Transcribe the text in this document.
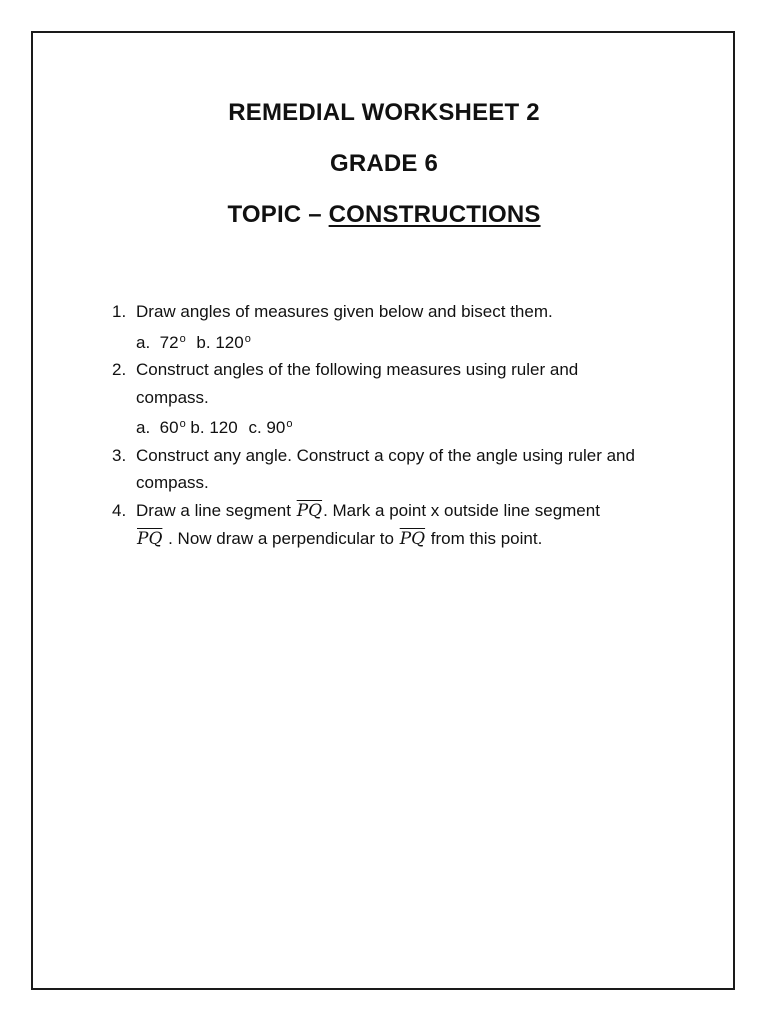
REMEDIAL WORKSHEET 2
GRADE 6
TOPIC – CONSTRUCTIONS
1. Draw angles of measures given below and bisect them.
a. 72$^o$ b. 120$^o$
2. Construct angles of the following measures using ruler and
compass.
a. 60$^o$ b. 120 c. 90$^o$
3. Construct any angle. Construct a copy of the angle using ruler and
compass.
4. Draw a line segment $\overline{PQ}$. Mark a point x outside line segment
$\overline{PQ}$ . Now draw a perpendicular to $\overline{PQ}$ from this point.
